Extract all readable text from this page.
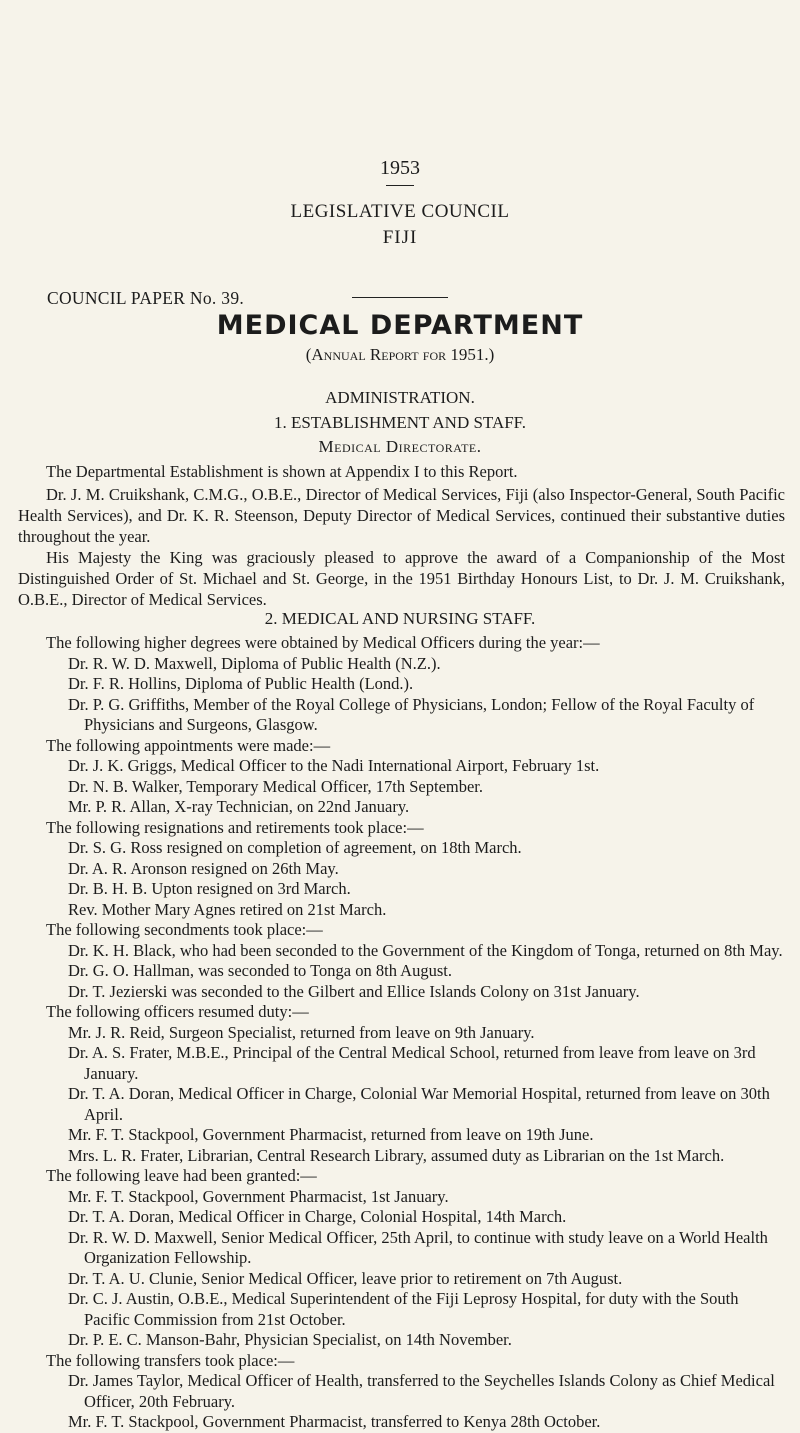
1953
LEGISLATIVE COUNCIL
FIJI
COUNCIL PAPER No. 39.
MEDICAL DEPARTMENT
(Annual Report for 1951.)
ADMINISTRATION.
1. ESTABLISHMENT AND STAFF.
Medical Directorate.

The Departmental Establishment is shown at Appendix I to this Report.

Dr. J. M. Cruikshank, C.M.G., O.B.E., Director of Medical Services, Fiji (also Inspector-General, South Pacific Health Services), and Dr. K. R. Steenson, Deputy Director of Medical Services, continued their substantive duties throughout the year.

His Majesty the King was graciously pleased to approve the award of a Companionship of the Most Distinguished Order of St. Michael and St. George, in the 1951 Birthday Honours List, to Dr. J. M. Cruikshank, O.B.E., Director of Medical Services.

2. MEDICAL AND NURSING STAFF.
The following higher degrees were obtained by Medical Officers during the year:—
Dr. R. W. D. Maxwell, Diploma of Public Health (N.Z.).
Dr. F. R. Hollins, Diploma of Public Health (Lond.).
Dr. P. G. Griffiths, Member of the Royal College of Physicians, London; Fellow of the Royal Faculty of Physicians and Surgeons, Glasgow.
The following appointments were made:—
Dr. J. K. Griggs, Medical Officer to the Nadi International Airport, February 1st.
Dr. N. B. Walker, Temporary Medical Officer, 17th September.
Mr. P. R. Allan, X-ray Technician, on 22nd January.
The following resignations and retirements took place:—
Dr. S. G. Ross resigned on completion of agreement, on 18th March.
Dr. A. R. Aronson resigned on 26th May.
Dr. B. H. B. Upton resigned on 3rd March.
Rev. Mother Mary Agnes retired on 21st March.
The following secondments took place:—
Dr. K. H. Black, who had been seconded to the Government of the Kingdom of Tonga, returned on 8th May.
Dr. G. O. Hallman, was seconded to Tonga on 8th August.
Dr. T. Jezierski was seconded to the Gilbert and Ellice Islands Colony on 31st January.
The following officers resumed duty:—
Mr. J. R. Reid, Surgeon Specialist, returned from leave on 9th January.
Dr. A. S. Frater, M.B.E., Principal of the Central Medical School, returned from leave from leave on 3rd January.
Dr. T. A. Doran, Medical Officer in Charge, Colonial War Memorial Hospital, returned from leave on 30th April.
Mr. F. T. Stackpool, Government Pharmacist, returned from leave on 19th June.
Mrs. L. R. Frater, Librarian, Central Research Library, assumed duty as Librarian on the 1st March.
The following leave had been granted:—
Mr. F. T. Stackpool, Government Pharmacist, 1st January.
Dr. T. A. Doran, Medical Officer in Charge, Colonial Hospital, 14th March.
Dr. R. W. D. Maxwell, Senior Medical Officer, 25th April, to continue with study leave on a World Health Organization Fellowship.
Dr. T. A. U. Clunie, Senior Medical Officer, leave prior to retirement on 7th August.
Dr. C. J. Austin, O.B.E., Medical Superintendent of the Fiji Leprosy Hospital, for duty with the South Pacific Commission from 21st October.
Dr. P. E. C. Manson-Bahr, Physician Specialist, on 14th November.
The following transfers took place:—
Dr. James Taylor, Medical Officer of Health, transferred to the Seychelles Islands Colony as Chief Medical Officer, 20th February.
Mr. F. T. Stackpool, Government Pharmacist, transferred to Kenya 28th October.
